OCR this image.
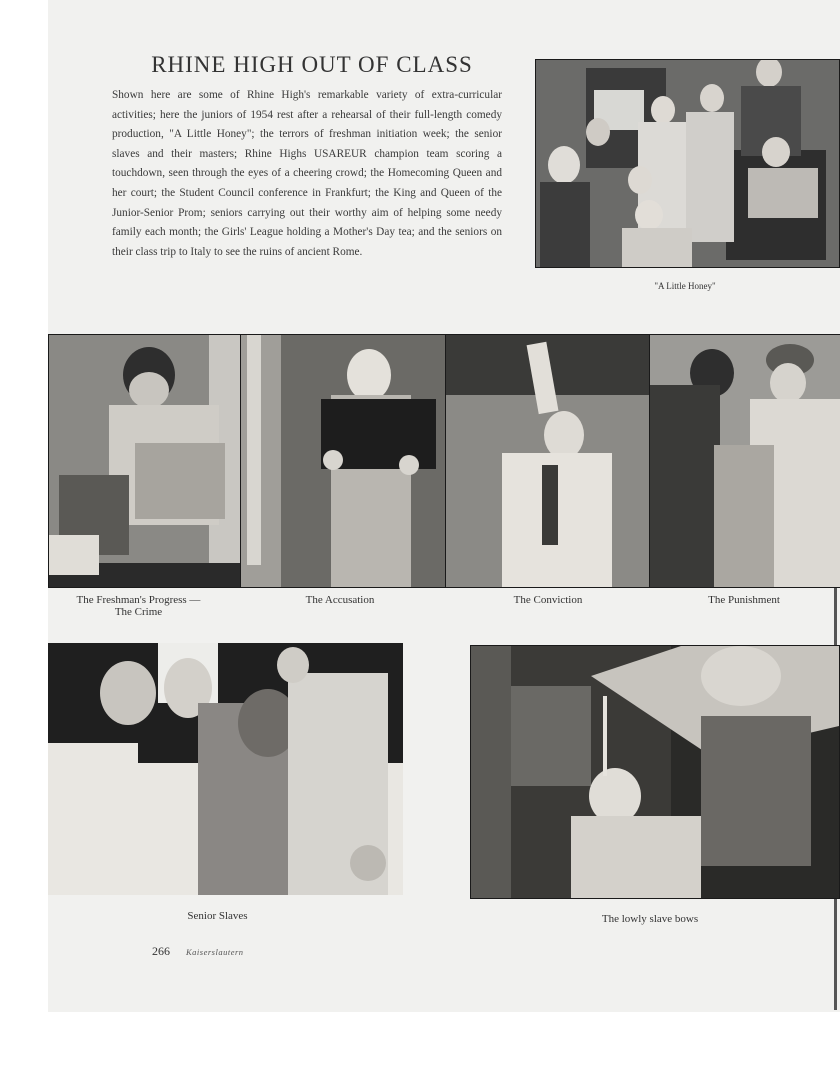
RHINE HIGH OUT OF CLASS

Shown here are some of Rhine High's remarkable variety of extra-curricular activities; here the juniors of 1954 rest after a rehearsal of their full-length comedy production, "A Little Honey"; the terrors of freshman initiation week; the senior slaves and their masters; Rhine Highs USAREUR champion team scoring a touchdown, seen through the eyes of a cheering crowd; the Homecoming Queen and her court; the Student Council conference in Frankfurt; the King and Queen of the Junior-Senior Prom; seniors carrying out their worthy aim of helping some needy family each month; the Girls' League holding a Mother's Day tea; and the seniors on their class trip to Italy to see the ruins of ancient Rome.

"A Little Honey"
The Freshman's Progress —
The Crime
The Accusation	The Conviction	The Punishment
Senior Slaves	The lowly slave bows
266 Kaiserslautern
